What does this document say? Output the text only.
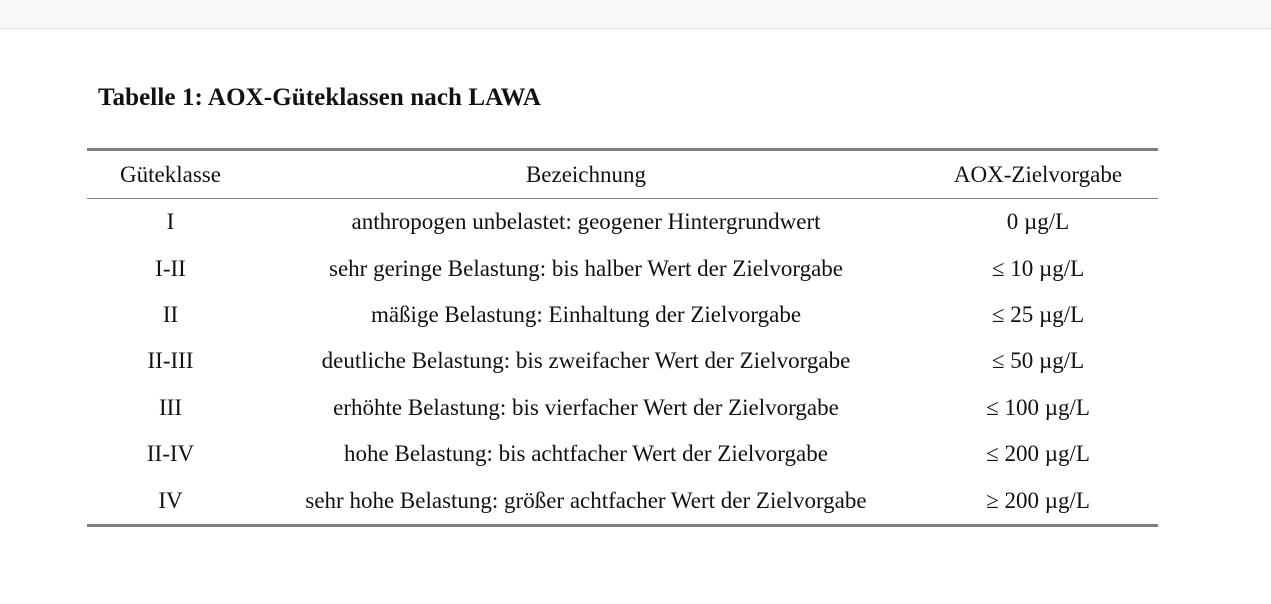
Tabelle 1: AOX-Güteklassen nach LAWA
Güteklasse	Bezeichnung	AOX-Zielvorgabe
I	anthropogen unbelastet: geogener Hintergrundwert	0 µg/L
I-II	sehr geringe Belastung: bis halber Wert der Zielvorgabe	≤ 10 µg/L
II	mäßige Belastung: Einhaltung der Zielvorgabe	≤ 25 µg/L
II-III	deutliche Belastung: bis zweifacher Wert der Zielvorgabe	≤ 50 µg/L
III	erhöhte Belastung: bis vierfacher Wert der Zielvorgabe	≤ 100 µg/L
II-IV	hohe Belastung: bis achtfacher Wert der Zielvorgabe	≤ 200 µg/L
IV	sehr hohe Belastung: größer achtfacher Wert der Zielvorgabe	≥ 200 µg/L
